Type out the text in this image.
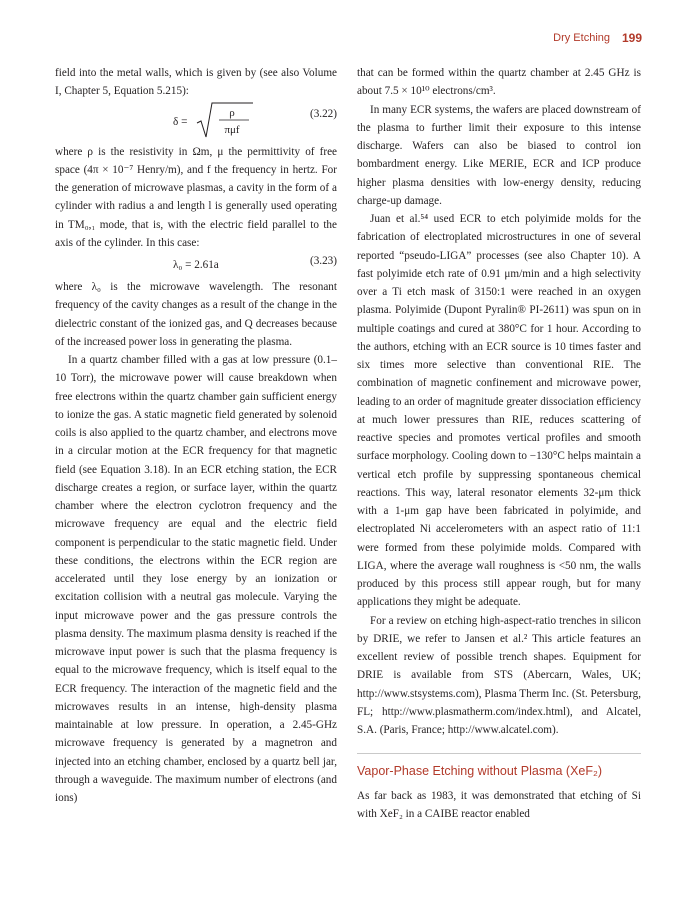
Dry Etching 199

field into the metal walls, which is given by (see also Volume I, Chapter 5, Equation 5.215):

δ =
ρ
πμf
(3.22)

where ρ is the resistivity in Ωm, μ the permittivity of free space (4π × 10⁻⁷ Henry/m), and f the frequency in hertz. For the generation of microwave plasmas, a cavity in the form of a cylinder with radius a and length l is generally used operating in TM₀,₁ mode, that is, with the electric field parallel to the axis of the cylinder. In this case:

λ₀ = 2.61a	(3.23)

where λ₀ is the microwave wavelength. The resonant frequency of the cavity changes as a result of the change in the dielectric constant of the ionized gas, and Q decreases because of the increased power loss in generating the plasma.

In a quartz chamber filled with a gas at low pressure (0.1–10 Torr), the microwave power will cause breakdown when free electrons within the quartz chamber gain sufficient energy to ionize the gas. A static magnetic field generated by solenoid coils is also applied to the quartz chamber, and electrons move in a circular motion at the ECR frequency for that magnetic field (see Equation 3.18). In an ECR etching station, the ECR discharge creates a region, or surface layer, within the quartz chamber where the electron cyclotron frequency and the microwave frequency are equal and the electric field component is perpendicular to the static magnetic field. Under these conditions, the electrons within the ECR region are accelerated until they lose energy by an ionization or excitation collision with a neutral gas molecule. Varying the input microwave power and the gas pressure controls the plasma density. The maximum plasma density is reached if the microwave input power is such that the plasma frequency is equal to the microwave frequency, which is itself equal to the ECR frequency. The interaction of the magnetic field and the microwaves results in an intense, high-density plasma maintainable at low pressure. In operation, a 2.45-GHz microwave frequency is generated by a magnetron and injected into an etching chamber, enclosed by a quartz bell jar, through a waveguide. The maximum number of electrons (and ions)

that can be formed within the quartz chamber at 2.45 GHz is about 7.5 × 10¹⁰ electrons/cm³.

In many ECR systems, the wafers are placed downstream of the plasma to further limit their exposure to this intense discharge. Wafers can also be biased to control ion bombardment energy. Like MERIE, ECR and ICP produce higher plasma densities with low-energy density, reducing charge-up damage.

Juan et al.⁵⁴ used ECR to etch polyimide molds for the fabrication of electroplated microstructures in one of several reported “pseudo-LIGA” processes (see also Chapter 10). A fast polyimide etch rate of 0.91 μm/min and a high selectivity over a Ti etch mask of 3150:1 were reached in an oxygen plasma. Polyimide (Dupont Pyralin® PI-2611) was spun on in multiple coatings and cured at 380°C for 1 hour. According to the authors, etching with an ECR source is 10 times faster and six times more selective than conventional RIE. The combination of magnetic confinement and microwave power, leading to an order of magnitude greater dissociation efficiency at much lower pressures than RIE, reduces scattering of reactive species and promotes vertical profiles and smooth surface morphology. Cooling down to −130°C helps maintain a vertical etch profile by suppressing spontaneous chemical reactions. This way, lateral resonator elements 32-μm thick with a 1-μm gap have been fabricated in polyimide, and electroplated Ni accelerometers with an aspect ratio of 11:1 were formed from these polyimide molds. Compared with LIGA, where the average wall roughness is <50 nm, the walls produced by this process still appear rough, but for many applications they might be adequate.

For a review on etching high-aspect-ratio trenches in silicon by DRIE, we refer to Jansen et al.² This article features an excellent review of possible trench shapes. Equipment for DRIE is available from STS (Abercarn, Wales, UK; http://www.stsystems.com), Plasma Therm Inc. (St. Petersburg, FL; http://www.plasmatherm.com/index.html), and Alcatel, S.A. (Paris, France; http://www.alcatel.com).

Vapor-Phase Etching without Plasma (XeF₂)

As far back as 1983, it was demonstrated that etching of Si with XeF₂ in a CAIBE reactor enabled
